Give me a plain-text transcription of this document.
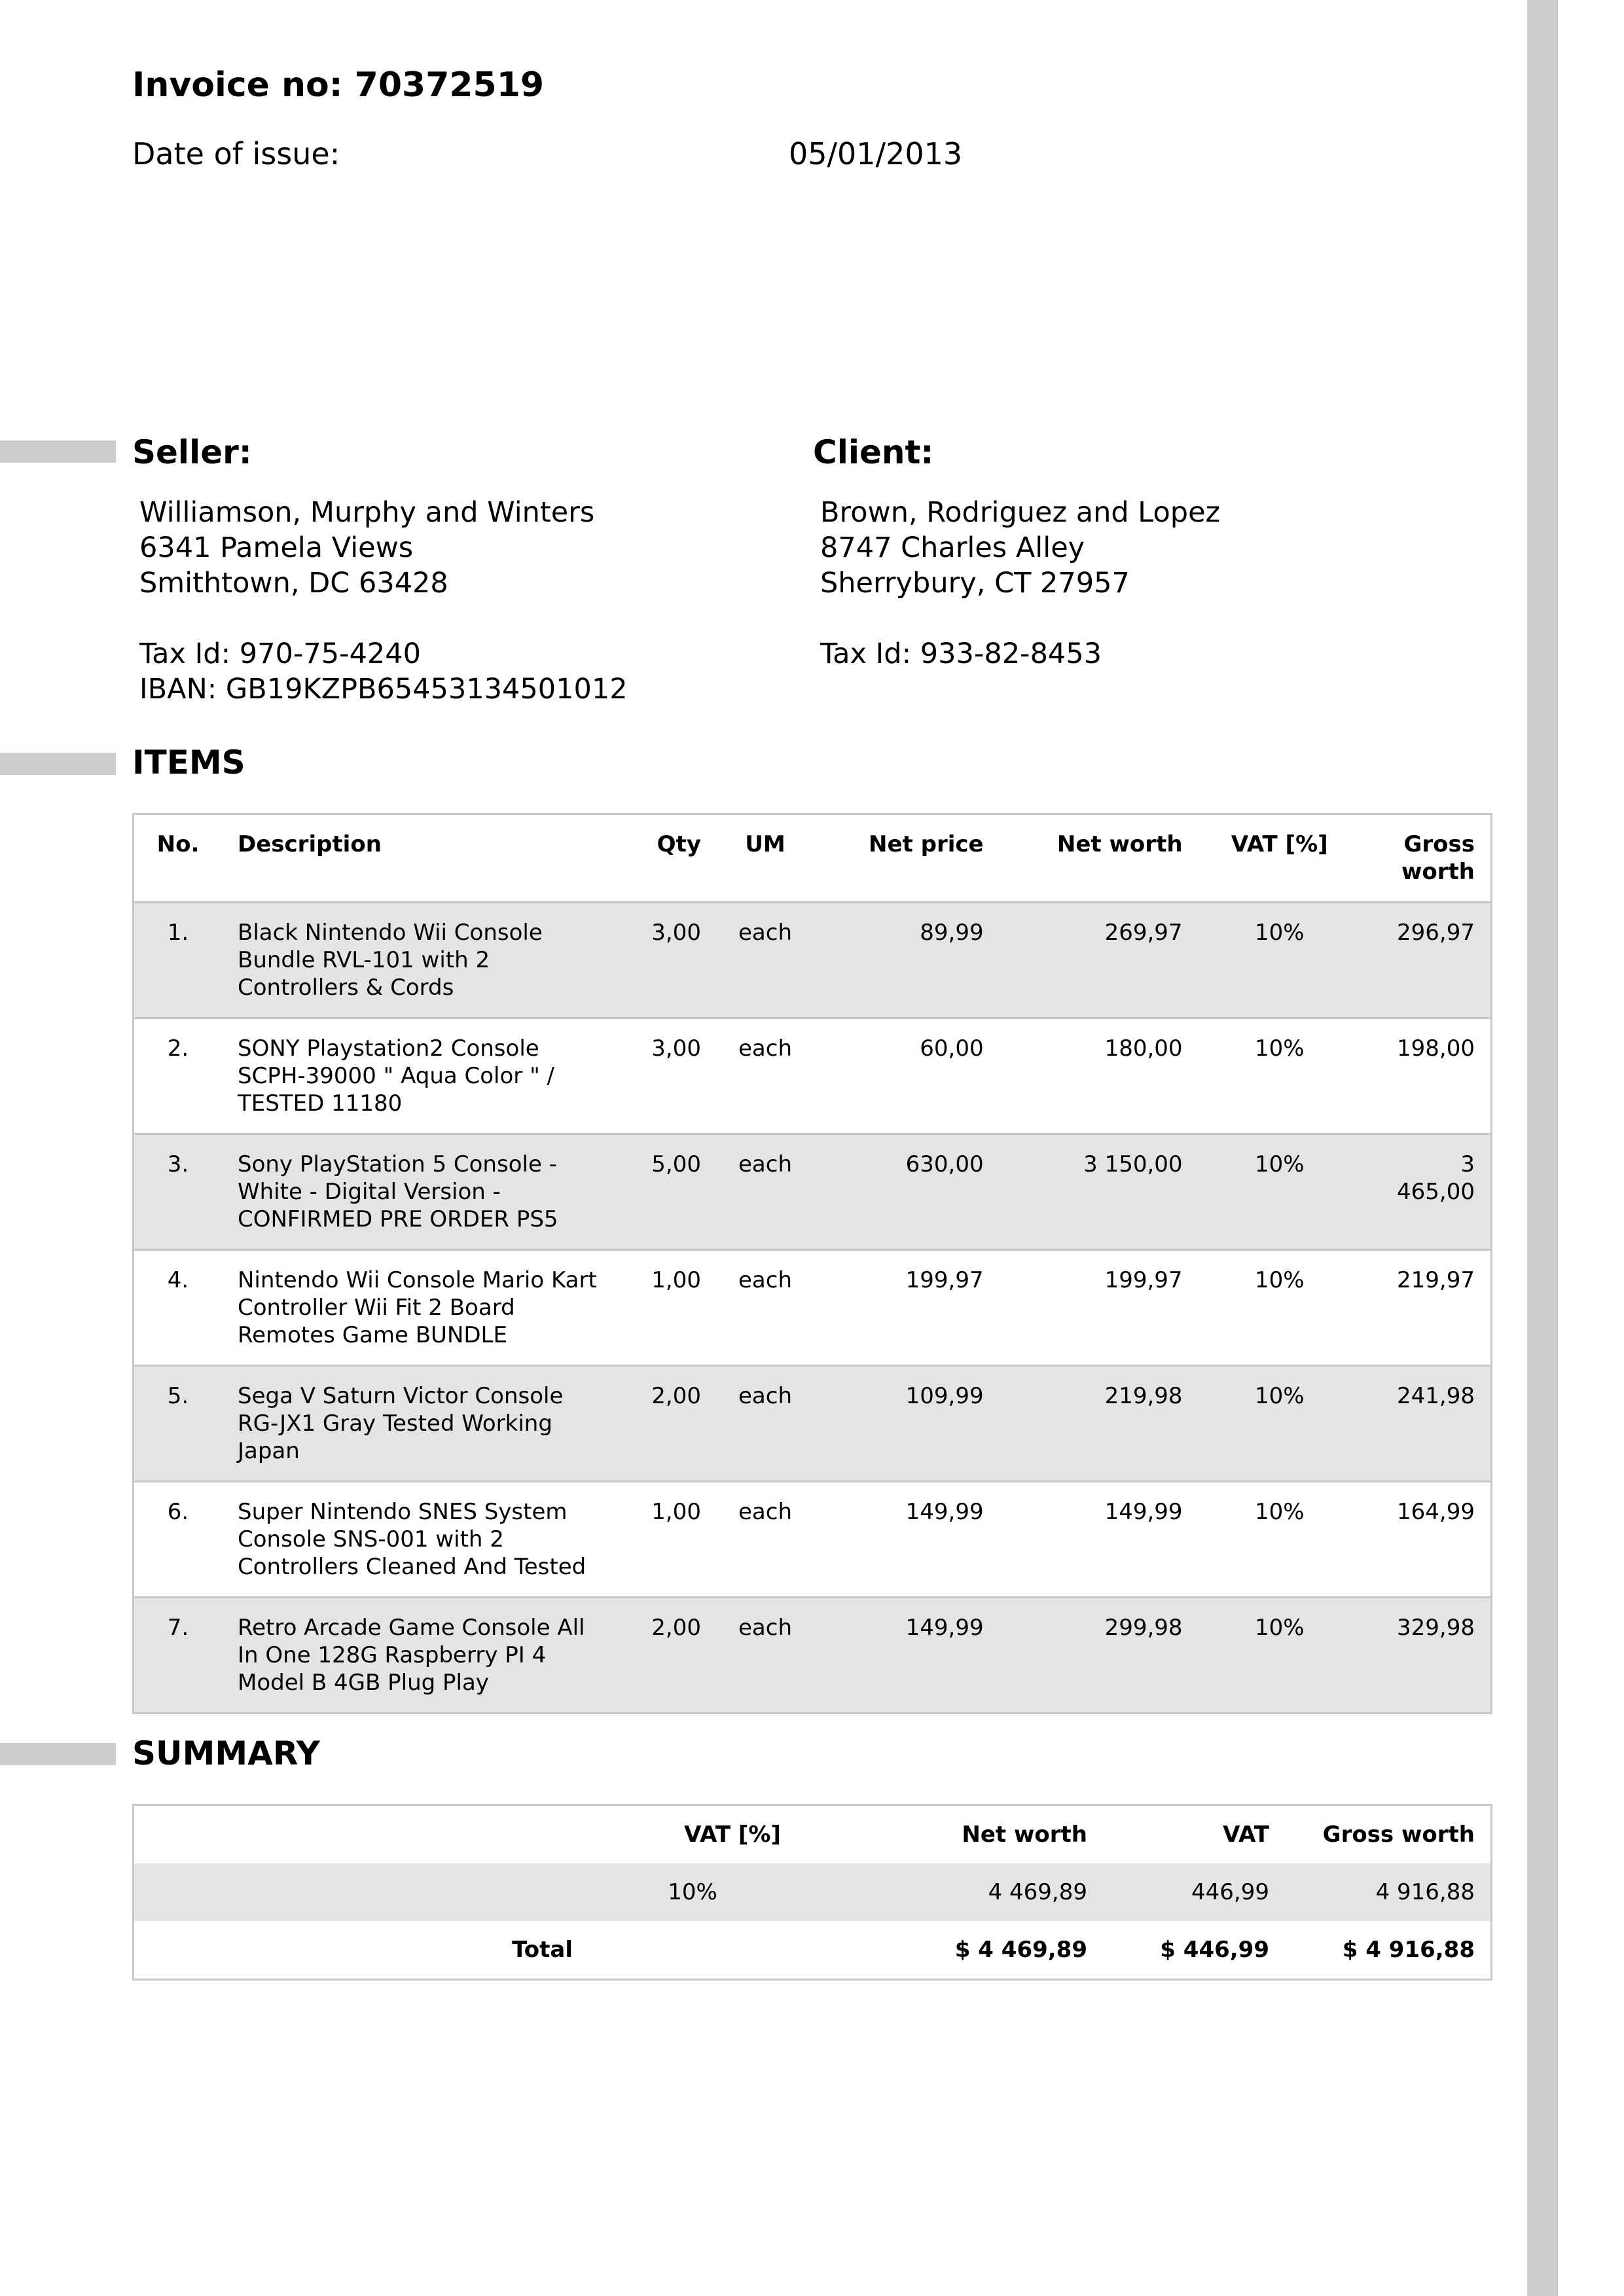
Invoice no: 70372519
Date of issue:	05/01/2013
Seller:
Williamson, Murphy and Winters
6341 Pamela Views
Smithtown, DC 63428

Tax Id: 970-75-4240
IBAN: GB19KZPB65453134501012
Client:
Brown, Rodriguez and Lopez
8747 Charles Alley
Sherrybury, CT 27957

Tax Id: 933-82-8453
ITEMS
No.	Description	Qty	UM	Net price	Net worth	VAT [%]	Gross worth
1.	Black Nintendo Wii Console Bundle RVL-101 with 2 Controllers & Cords	3,00	each	89,99	269,97	10%	296,97
2.	SONY Playstation2 Console SCPH-39000 " Aqua Color " / TESTED 11180	3,00	each	60,00	180,00	10%	198,00
3.	Sony PlayStation 5 Console - White - Digital Version - CONFIRMED PRE ORDER PS5	5,00	each	630,00	3 150,00	10%	3 465,00
4.	Nintendo Wii Console Mario Kart Controller Wii Fit 2 Board Remotes Game BUNDLE	1,00	each	199,97	199,97	10%	219,97
5.	Sega V Saturn Victor Console RG-JX1 Gray Tested Working Japan	2,00	each	109,99	219,98	10%	241,98
6.	Super Nintendo SNES System Console SNS-001 with 2 Controllers Cleaned And Tested	1,00	each	149,99	149,99	10%	164,99
7.	Retro Arcade Game Console All In One 128G Raspberry PI 4 Model B 4GB Plug Play	2,00	each	149,99	299,98	10%	329,98
SUMMARY
	VAT [%]	Net worth	VAT	Gross worth
	10%	4 469,89	446,99	4 916,88
Total		$ 4 469,89	$ 446,99	$ 4 916,88
